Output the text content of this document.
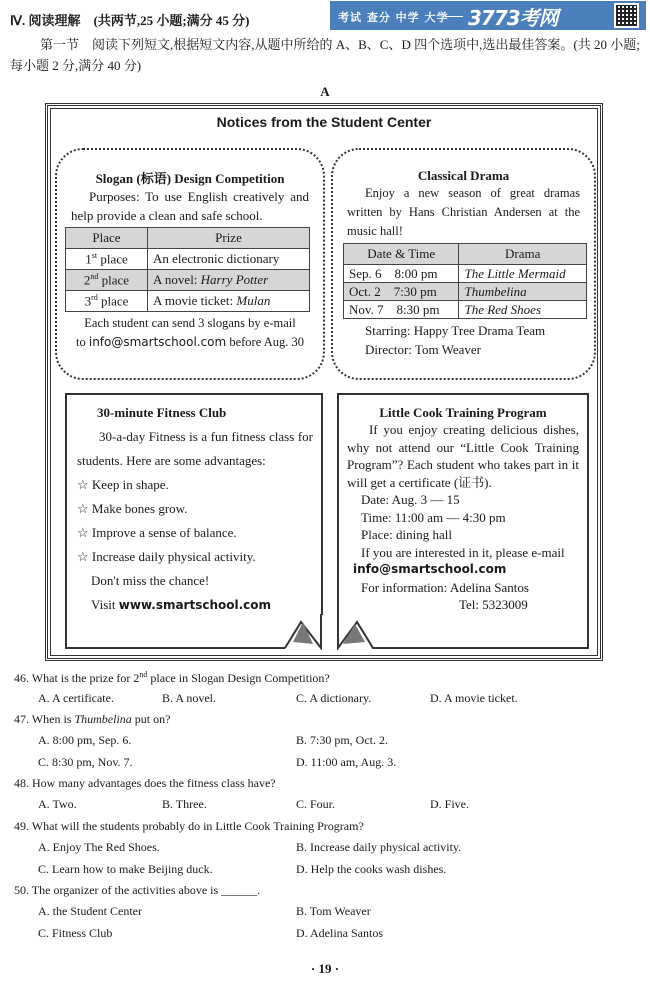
Ⅳ. 阅读理解　(共两节,25 小题;满分 45 分)
第一节　阅读下列短文,根据短文内容,从题中所给的 A、B、C、D 四个选项中,选出最佳答案。(共 20 小题;每小题 2 分,满分 40 分)
考试 查分 中学 大学 3773考网
A
Notices from the Student Center
Slogan (标语) Design Competition
Purposes: To use English creatively and help provide a clean and safe school.
Place	Prize
1st place	An electronic dictionary
2nd place	A novel: Harry Potter
3rd place	A movie ticket: Mulan
Each student can send 3 slogans by e-mail
to info@smartschool.com before Aug. 30
Classical Drama
Enjoy a new season of great dramas written by Hans Christian Andersen at the music hall!
Date & Time	Drama
Sep. 6    8:00 pm	The Little Mermaid
Oct. 2    7:30 pm	Thumbelina
Nov. 7    8:30 pm	The Red Shoes
Starring: Happy Tree Drama Team
Director: Tom Weaver
30-minute Fitness Club
30-a-day Fitness is a fun fitness class for students. Here are some advantages:
☆ Keep in shape.
☆ Make bones grow.
☆ Improve a sense of balance.
☆ Increase daily physical activity.
Don't miss the chance!
Visit www.smartschool.com
Little Cook Training Program
If you enjoy creating delicious dishes, why not attend our “Little Cook Training Program”? Each student who takes part in it will get a certificate (证书).
Date: Aug. 3 — 15
Time: 11:00 am — 4:30 pm
Place: dining hall
If you are interested in it, please e-mail
info@smartschool.com
For information: Adelina Santos
Tel: 5323009
46. What is the prize for 2nd place in Slogan Design Competition?
A. A certificate.	B. A novel.	C. A dictionary.	D. A movie ticket.
47. When is Thumbelina put on?
A. 8:00 pm, Sep. 6.	B. 7:30 pm, Oct. 2.
C. 8:30 pm, Nov. 7.	D. 11:00 am, Aug. 3.
48. How many advantages does the fitness class have?
A. Two.	B. Three.	C. Four.	D. Five.
49. What will the students probably do in Little Cook Training Program?
A. Enjoy The Red Shoes.	B. Increase daily physical activity.
C. Learn how to make Beijing duck.	D. Help the cooks wash dishes.
50. The organizer of the activities above is ______.
A. the Student Center	B. Tom Weaver
C. Fitness Club	D. Adelina Santos
· 19 ·
